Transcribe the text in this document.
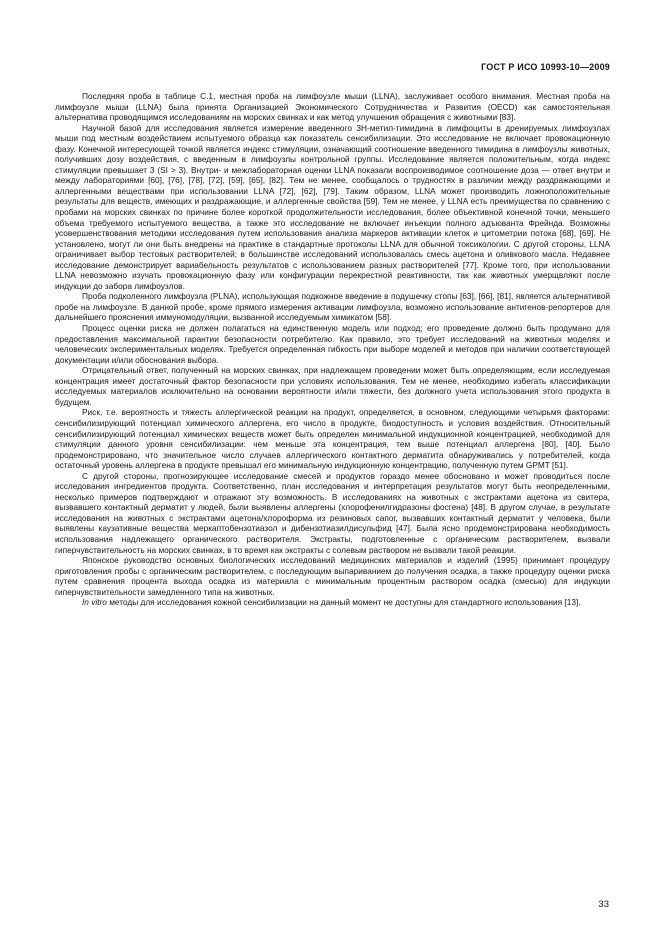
ГОСТ Р ИСО 10993-10—2009

Последняя проба в таблице С.1, местная проба на лимфоузле мыши (LLNA), заслуживает особого внимания. Местная проба на лимфоузле мыши (LLNA) была принята Организацией Экономического Сотрудничества и Развития (OECD) как самостоятельная альтернатива проводящимся исследованиям на морских свинках и как метод улучшения обращения с животными [83].

Научной базой для исследования является измерение введенного 3Н-метил-тимидина в лимфоциты в дренируемых лимфоузлах мыши под местным воздействием испытуемого образца как показатель сенсибилизации. Это исследование не включает провокационную фазу. Конечной интересующей точкой является индекс стимуляции, означающий соотношение введенного тимидина в лимфоузлы животных, получивших дозу воздействия, с введенным в лимфоузлы контрольной группы. Исследование является положительным, когда индекс стимуляции превышает 3 (SI > 3). Внутри- и межлабораторная оценки LLNA показали воспроизводимое соотношение доза — ответ внутри и между лабораториями [60], [76], [78], [72], [59], [65], [82]. Тем не менее, сообщалось о трудностях в различии между раздражающими и аллергенными веществами при использовании LLNA [72], [62], [79]. Таким образом, LLNA может производить ложноположительные результаты для веществ, имеющих и раздражающие, и аллергенные свойства [59]. Тем не менее, у LLNA есть преимущества по сравнению с пробами на морских свинках по причине более короткой продолжительности исследования, более объективной конечной точки, меньшего объема требуемого испытуемого вещества, а также это исследование не включает инъекции полного адъюванта Фрейнда. Возможны усовершенствования методики исследования путем использования анализа маркеров активации клеток и цитометрии потока [68], [69]. Не установлено, могут ли они быть внедрены на практике в стандартные протоколы LLNA для обычной токсикологии. С другой стороны, LLNA ограничивает выбор тестовых растворителей; в большинстве исследований использовалась смесь ацетона и оливкового масла. Недавнее исследование демонстрирует вариабельность результатов с использованием разных растворителей [77]. Кроме того, при использовании LLNA невозможно изучать провокационную фазу или конфигурации перекрестной реактивности, так как животных умерщвляют после индукции до забора лимфоузлов.

Проба подколенного лимфоузла (PLNA), использующая подкожное введение в подушечку стопы [63], [66], [81], является альтернативой пробе на лимфоузле. В данной пробе, кроме прямого измерения активации лимфоузла, возможно использование антигенов-репортеров для дальнейшего прояснения иммуномодуляции, вызванной исследуемым химикатом [58].

Процесс оценки риска не должен полагаться на единственную модель или подход; его проведение должно быть продумано для предоставления максимальной гарантии безопасности потребителю. Как правило, это требует исследований на животных моделях и человеческих экспериментальных моделях. Требуется определенная гибкость при выборе моделей и методов при наличии соответствующей документации и/или обоснования выбора.

Отрицательный ответ, полученный на морских свинках, при надлежащем проведении может быть определяющим, если исследуемая концентрация имеет достаточный фактор безопасности при условиях использования. Тем не менее, необходимо избегать классификации исследуемых материалов исключительно на основании вероятности и/или тяжести, без должного учета использования этого продукта в будущем.

Риск, т.е. вероятность и тяжесть аллергической реакции на продукт, определяется, в основном, следующими четырьмя факторами: сенсибилизирующий потенциал химического аллергена, его число в продукте, биодоступность и условия воздействия. Относительный сенсибилизирующий потенциал химических веществ может быть определен минимальной индукционной концентрацией, необходимой для стимуляции данного уровня сенсибилизации: чем меньше эта концентрация, тем выше потенциал аллергена [80], [40]. Было продемонстрировано, что значительное число случаев аллергического контактного дерматита обнаруживались у потребителей, когда остаточный уровень аллергена в продукте превышал его минимальную индукционную концентрацию, полученную путем GPMT [51].

С другой стороны, прогнозирующее исследование смесей и продуктов гораздо менее обосновано и может проводиться после исследования ингредиентов продукта. Соответственно, план исследования и интерпретация результатов могут быть неопределенными, несколько примеров подтверждают и отражают эту возможность. В исследованиях на животных с экстрактами ацетона из свитера, вызвавшего контактный дерматит у людей, были выявлены аллергены (хлорофенилгидразоны фосгена) [48]. В другом случае, в результате исследования на животных с экстрактами ацетона/хлороформа из резиновых сапог, вызвавших контактный дерматит у человека, были выявлены каузативные вещества меркаптобензотиазол и дибензотиазилдисульфид [47]. Была ясно продемонстрирована необходимость использования надлежащего органического растворителя. Экстракты, подготовленные с органическим растворителем, вызвали гиперчувствительность на морских свинках, в то время как экстракты с солевым раствором не вызвали такой реакции.

Японское руководство основных биологических исследований медицинских материалов и изделий (1995) принимает процедуру приготовления пробы с органическим растворителем, с последующим выпариванием до получения осадка, а также процедуру оценки риска путем сравнения процента выхода осадка из материала с минимальным процентным раствором осадка (смесью) для индукции гиперчувствительности замедленного типа на животных.

In vitro методы для исследования кожной сенсибилизации на данный момент не доступны для стандартного использования [13].

33
